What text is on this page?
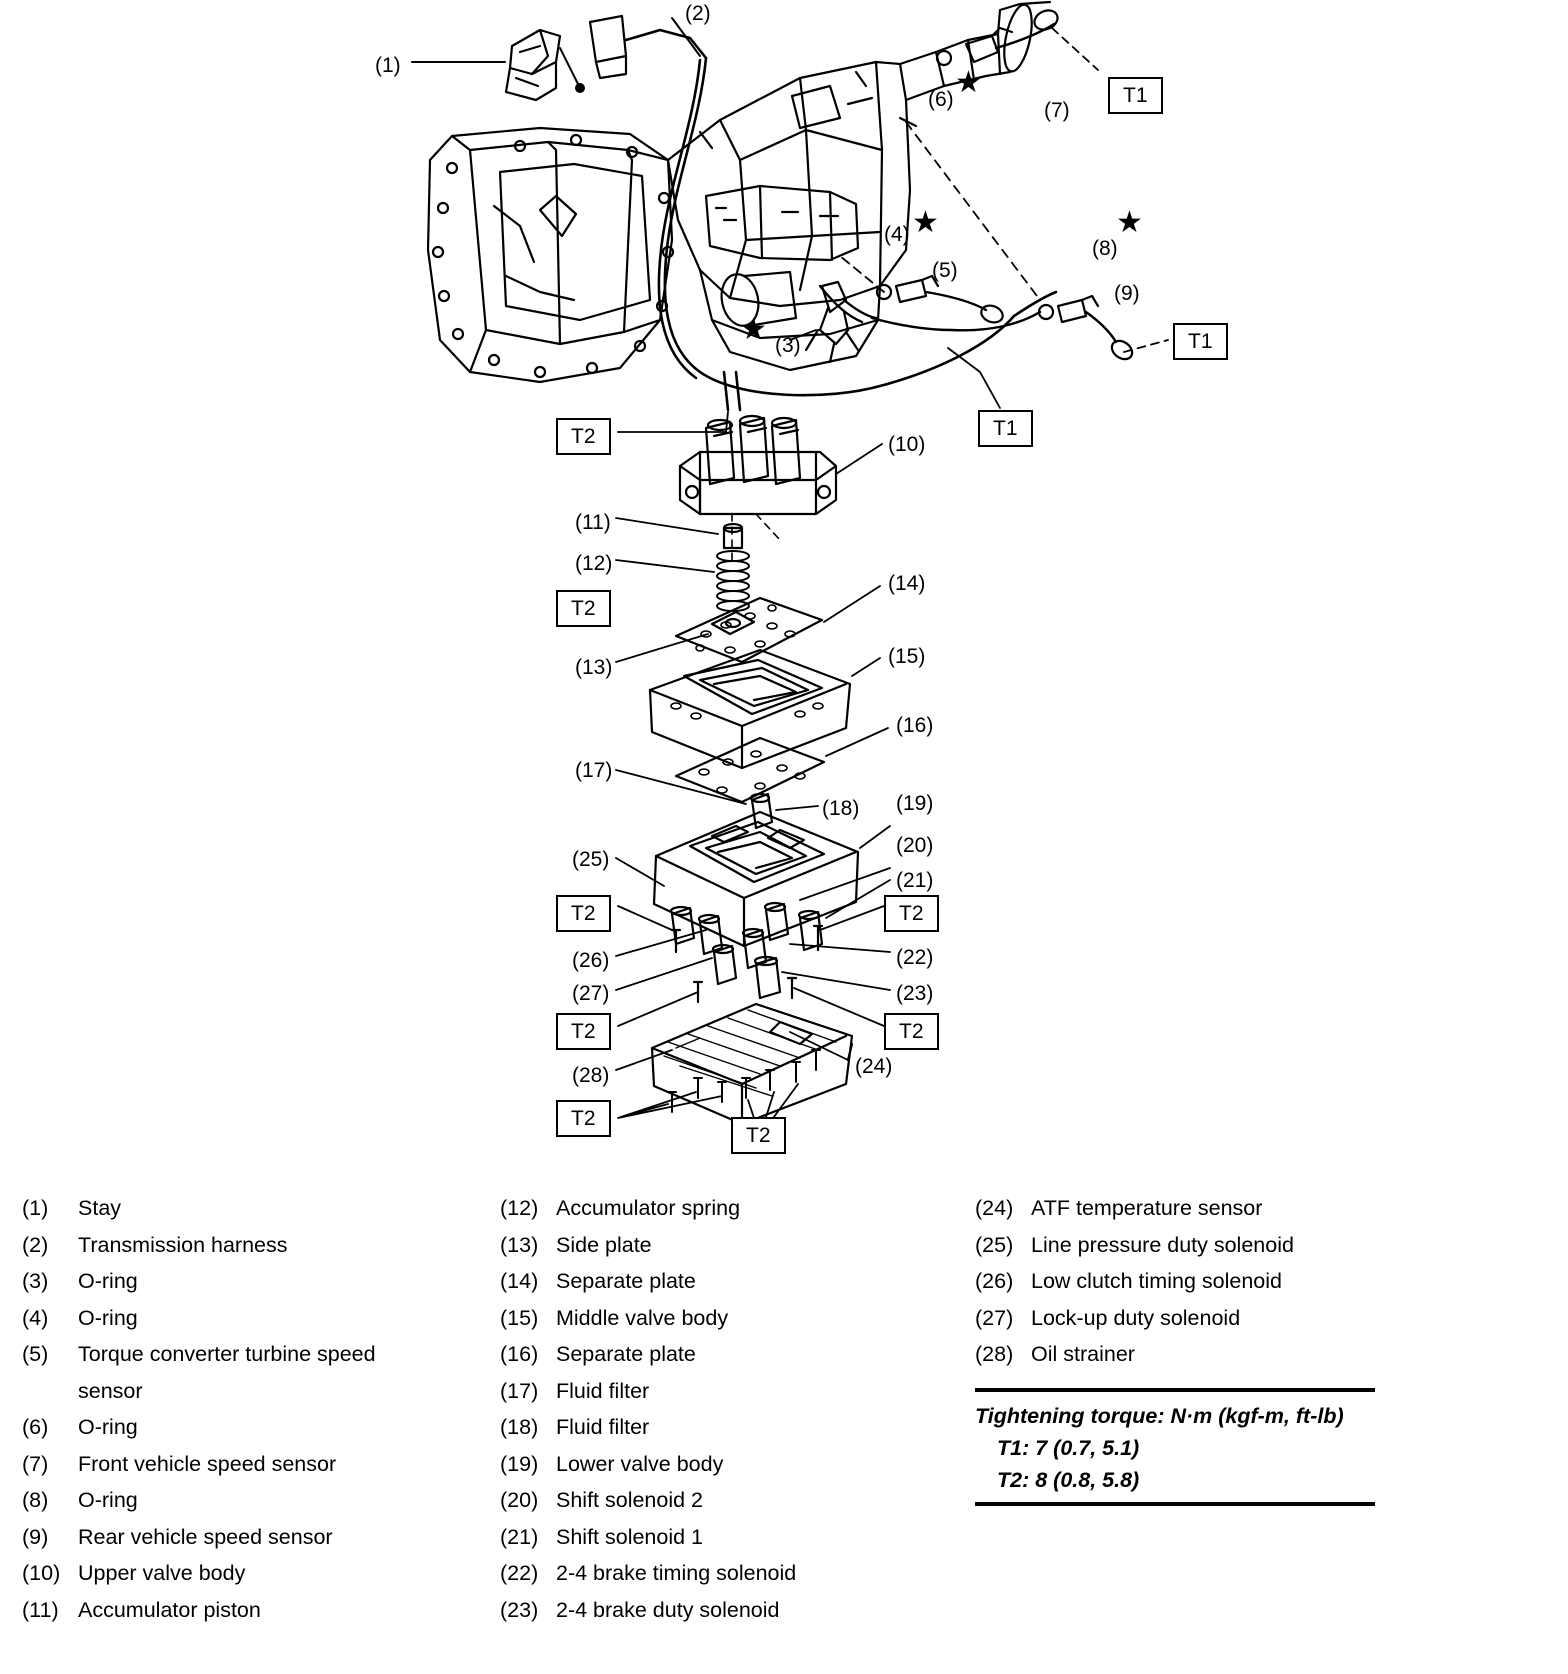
(1)
(2)
(3)
(4)
(5)
(6)	(7)
(8)
(9)
(10)
(11)
(12)
(13)
(14)
(15)
(16)
(17)
(18) (19)
(20)
(21)
(22)
(23)
(24)
(25)
(26)
(27)
(28)
T1
T1
T1
T2
T2
T2	T2
T2	T2
T2
T2
★
★	★
★
(1)	Stay
(2)	Transmission harness
(3)	O-ring
(4)	O-ring
(5)	Torque converter turbine speed
sensor
(6)	O-ring
(7)	Front vehicle speed sensor
(8)	O-ring
(9)	Rear vehicle speed sensor
(10) Upper valve body
(11) Accumulator piston
(12) Accumulator spring
(13) Side plate
(14) Separate plate
(15) Middle valve body
(16) Separate plate
(17) Fluid filter
(18) Fluid filter
(19) Lower valve body
(20) Shift solenoid 2
(21) Shift solenoid 1
(22) 2-4 brake timing solenoid
(23) 2-4 brake duty solenoid
(24) ATF temperature sensor
(25) Line pressure duty solenoid
(26) Low clutch timing solenoid
(27) Lock-up duty solenoid
(28) Oil strainer
Tightening torque: N·m (kgf-m, ft-lb)
T1: 7 (0.7, 5.1)
T2: 8 (0.8, 5.8)
